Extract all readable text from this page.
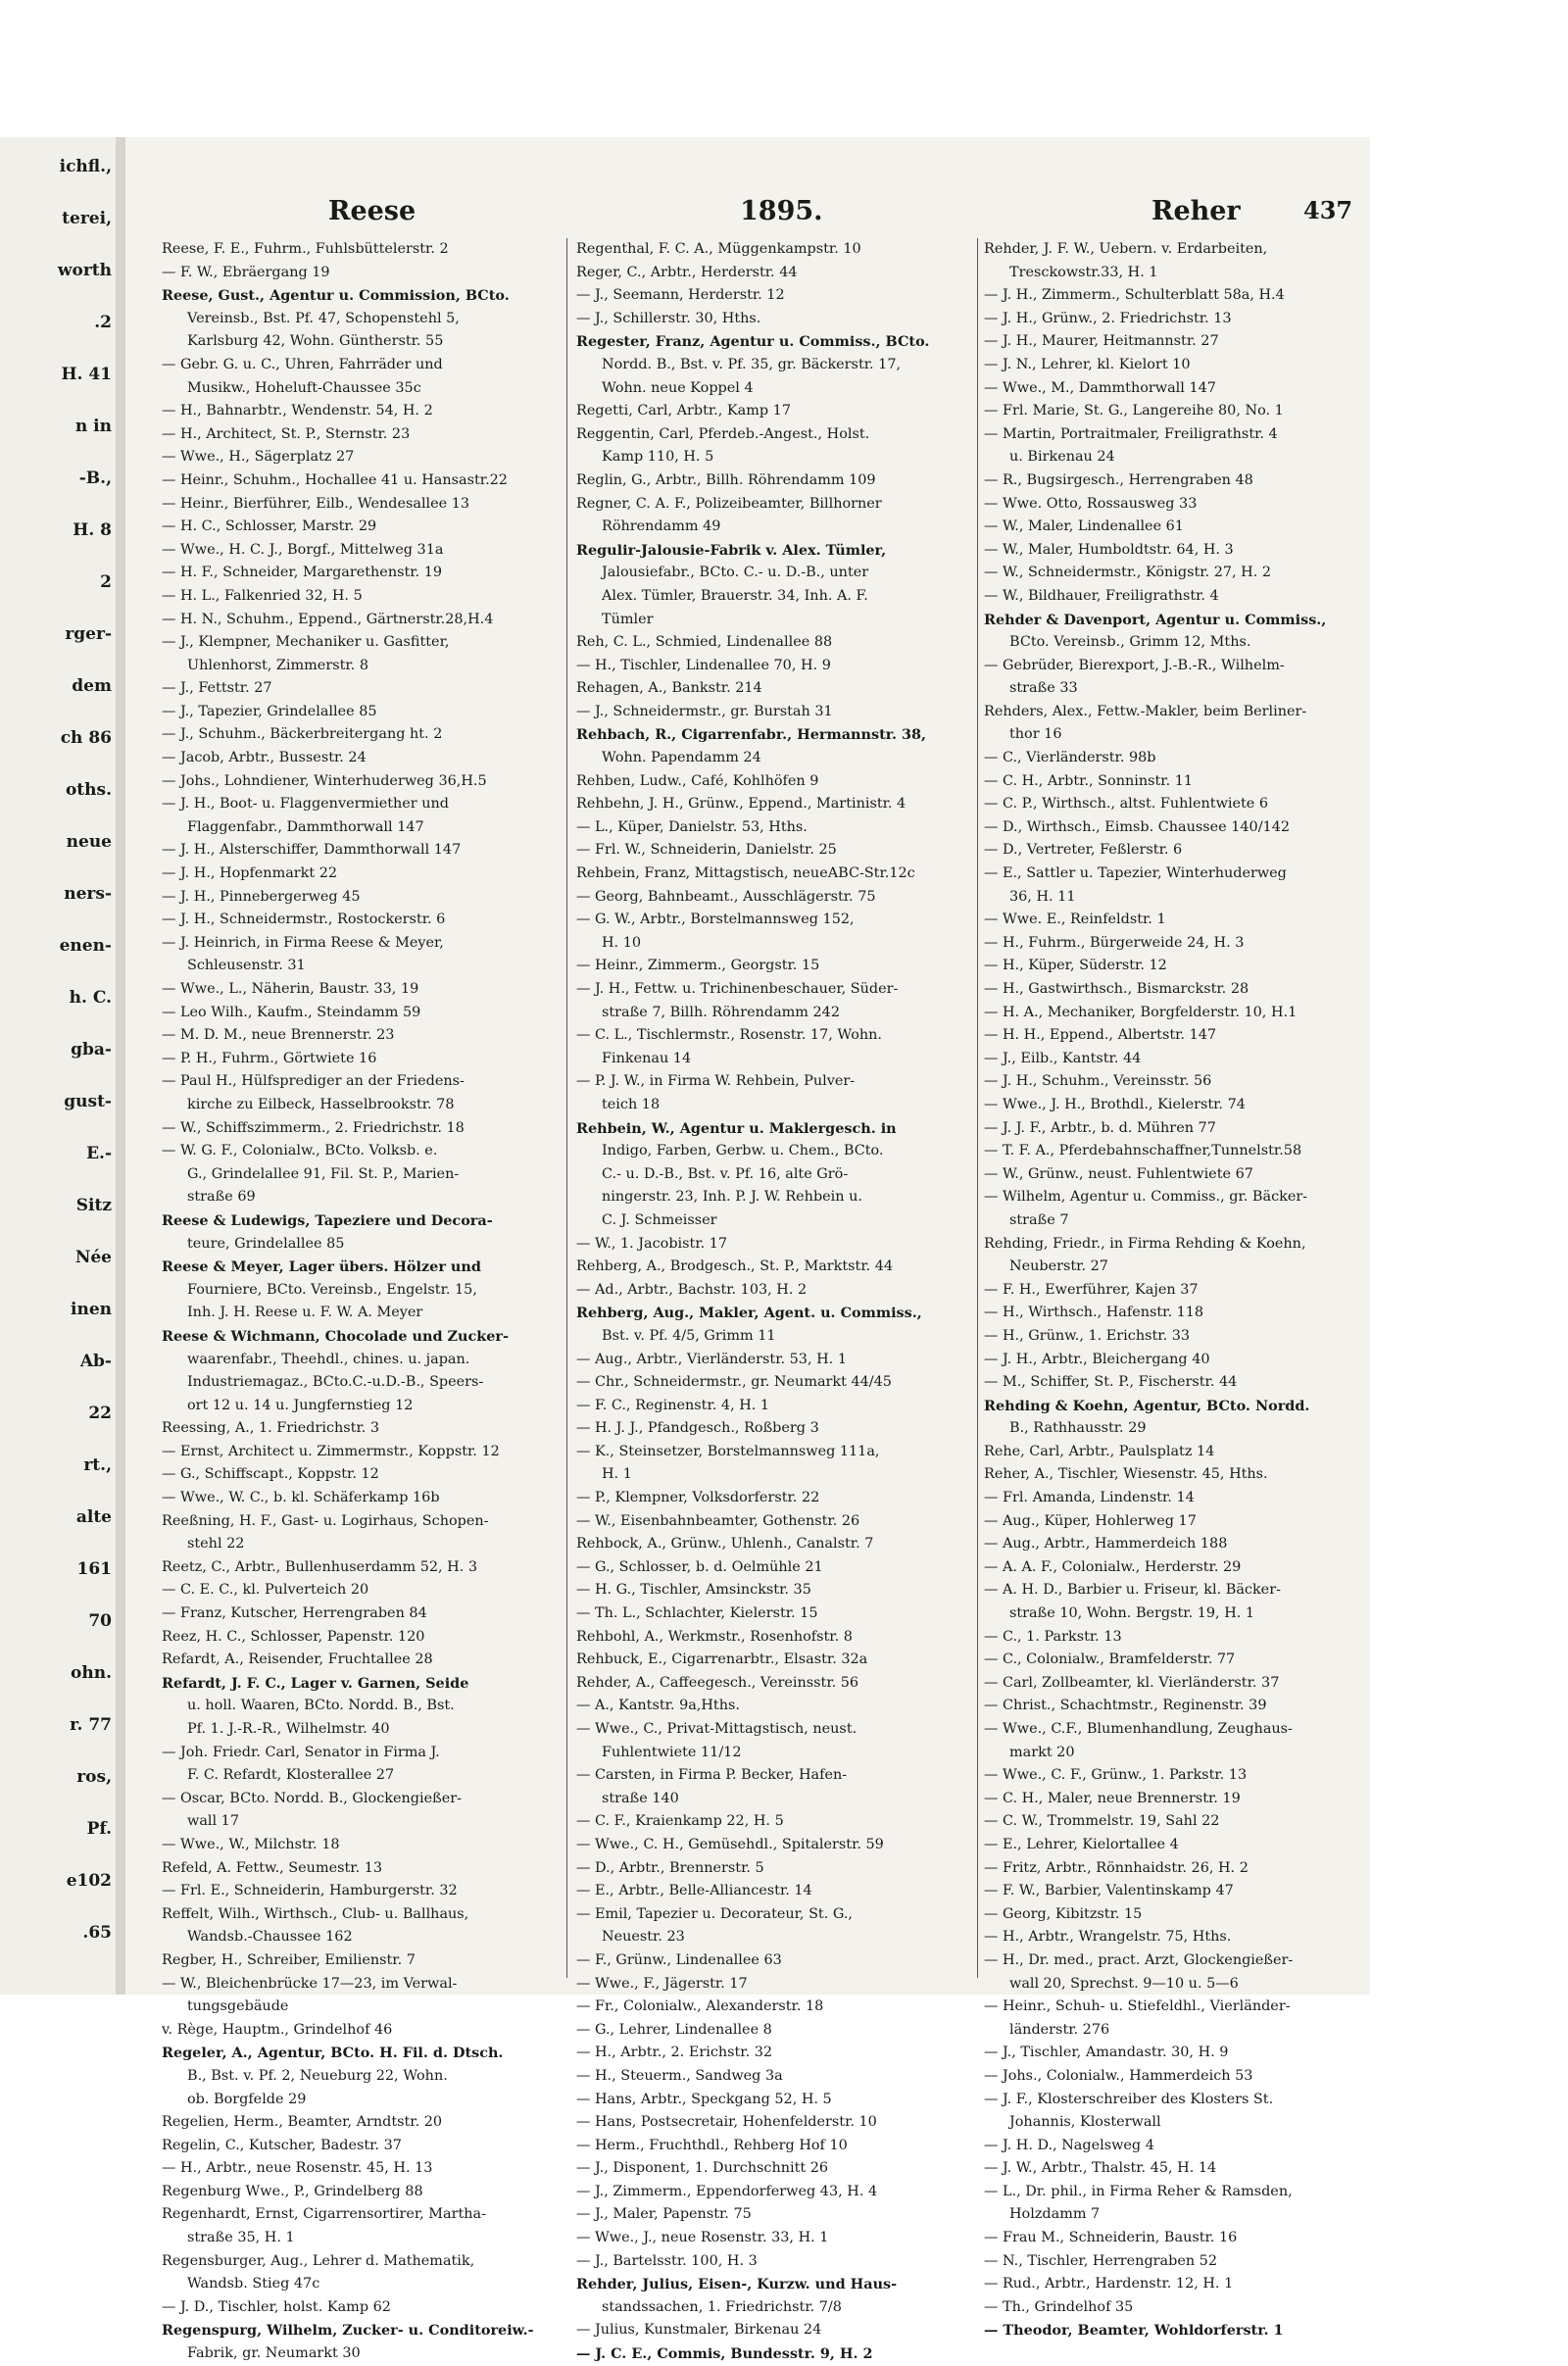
ichfl.,
terei,
worth
.2
H. 41
n in
-B.,
H. 8
2
rger-
dem
ch 86
oths.
neue
ners-
enen-
h. C.
gba-
gust-
E.-
Sitz
Née
inen
Ab-
22
rt.,
alte
161
70
ohn.
r. 77
ros,
Pf.
e102
.65
Reese	1895.	Reher	437
Reese, F. E., Fuhrm., Fuhlsbüttelerstr. 2
— F. W., Ebräergang 19
Reese, Gust., Agentur u. Commission, BCto.
Vereinsb., Bst. Pf. 47, Schopenstehl 5,
Karlsburg 42, Wohn. Güntherstr. 55
— Gebr. G. u. C., Uhren, Fahrräder und
Musikw., Hoheluft-Chaussee 35c
— H., Bahnarbtr., Wendenstr. 54, H. 2
— H., Architect, St. P., Sternstr. 23
— Wwe., H., Sägerplatz 27
— Heinr., Schuhm., Hochallee 41 u. Hansastr.22
— Heinr., Bierführer, Eilb., Wendesallee 13
— H. C., Schlosser, Marstr. 29
— Wwe., H. C. J., Borgf., Mittelweg 31a
— H. F., Schneider, Margarethenstr. 19
— H. L., Falkenried 32, H. 5
— H. N., Schuhm., Eppend., Gärtnerstr.28,H.4
— J., Klempner, Mechaniker u. Gasfitter,
Uhlenhorst, Zimmerstr. 8
— J., Fettstr. 27
— J., Tapezier, Grindelallee 85
— J., Schuhm., Bäckerbreitergang ht. 2
— Jacob, Arbtr., Bussestr. 24
— Johs., Lohndiener, Winterhuderweg 36,H.5
— J. H., Boot- u. Flaggenvermiether und
Flaggenfabr., Dammthorwall 147
— J. H., Alsterschiffer, Dammthorwall 147
— J. H., Hopfenmarkt 22
— J. H., Pinnebergerweg 45
— J. H., Schneidermstr., Rostockerstr. 6
— J. Heinrich, in Firma Reese & Meyer,
Schleusenstr. 31
— Wwe., L., Näherin, Baustr. 33, 19
— Leo Wilh., Kaufm., Steindamm 59
— M. D. M., neue Brennerstr. 23
— P. H., Fuhrm., Görtwiete 16
— Paul H., Hülfsprediger an der Friedens-
kirche zu Eilbeck, Hasselbrookstr. 78
— W., Schiffszimmerm., 2. Friedrichstr. 18
— W. G. F., Colonialw., BCto. Volksb. e.
G., Grindelallee 91, Fil. St. P., Marien-
straße 69
Reese & Ludewigs, Tapeziere und Decora-
teure, Grindelallee 85
Reese & Meyer, Lager übers. Hölzer und
Fourniere, BCto. Vereinsb., Engelstr. 15,
Inh. J. H. Reese u. F. W. A. Meyer
Reese & Wichmann, Chocolade und Zucker-
waarenfabr., Theehdl., chines. u. japan.
Industriemagaz., BCto.C.-u.D.-B., Speers-
ort 12 u. 14 u. Jungfernstieg 12
Reessing, A., 1. Friedrichstr. 3
— Ernst, Architect u. Zimmermstr., Koppstr. 12
— G., Schiffscapt., Koppstr. 12
— Wwe., W. C., b. kl. Schäferkamp 16b
Reeßning, H. F., Gast- u. Logirhaus, Schopen-
stehl 22
Reetz, C., Arbtr., Bullenhuserdamm 52, H. 3
— C. E. C., kl. Pulverteich 20
— Franz, Kutscher, Herrengraben 84
Reez, H. C., Schlosser, Papenstr. 120
Refardt, A., Reisender, Fruchtallee 28
Refardt, J. F. C., Lager v. Garnen, Seide
u. holl. Waaren, BCto. Nordd. B., Bst.
Pf. 1. J.-R.-R., Wilhelmstr. 40
— Joh. Friedr. Carl, Senator in Firma J.
F. C. Refardt, Klosterallee 27
— Oscar, BCto. Nordd. B., Glockengießer-
wall 17
— Wwe., W., Milchstr. 18
Refeld, A. Fettw., Seumestr. 13
— Frl. E., Schneiderin, Hamburgerstr. 32
Reffelt, Wilh., Wirthsch., Club- u. Ballhaus,
Wandsb.-Chaussee 162
Regber, H., Schreiber, Emilienstr. 7
— W., Bleichenbrücke 17—23, im Verwal-
tungsgebäude
v. Rège, Hauptm., Grindelhof 46
Regeler, A., Agentur, BCto. H. Fil. d. Dtsch.
B., Bst. v. Pf. 2, Neueburg 22, Wohn.
ob. Borgfelde 29
Regelien, Herm., Beamter, Arndtstr. 20
Regelin, C., Kutscher, Badestr. 37
— H., Arbtr., neue Rosenstr. 45, H. 13
Regenburg Wwe., P., Grindelberg 88
Regenhardt, Ernst, Cigarrensortirer, Martha-
straße 35, H. 1
Regensburger, Aug., Lehrer d. Mathematik,
Wandsb. Stieg 47c
— J. D., Tischler, holst. Kamp 62
Regenspurg, Wilhelm, Zucker- u. Conditoreiw.-
Fabrik, gr. Neumarkt 30
Regenthal, F. C. A., Müggenkampstr. 10
Reger, C., Arbtr., Herderstr. 44
— J., Seemann, Herderstr. 12
— J., Schillerstr. 30, Hths.
Regester, Franz, Agentur u. Commiss., BCto.
Nordd. B., Bst. v. Pf. 35, gr. Bäckerstr. 17,
Wohn. neue Koppel 4
Regetti, Carl, Arbtr., Kamp 17
Reggentin, Carl, Pferdeb.-Angest., Holst.
Kamp 110, H. 5
Reglin, G., Arbtr., Billh. Röhrendamm 109
Regner, C. A. F., Polizeibeamter, Billhorner
Röhrendamm 49
Regulir-Jalousie-Fabrik v. Alex. Tümler,
Jalousiefabr., BCto. C.- u. D.-B., unter
Alex. Tümler, Brauerstr. 34, Inh. A. F.
Tümler
Reh, C. L., Schmied, Lindenallee 88
— H., Tischler, Lindenallee 70, H. 9
Rehagen, A., Bankstr. 214
— J., Schneidermstr., gr. Burstah 31
Rehbach, R., Cigarrenfabr., Hermannstr. 38,
Wohn. Papendamm 24
Rehben, Ludw., Café, Kohlhöfen 9
Rehbehn, J. H., Grünw., Eppend., Martinistr. 4
— L., Küper, Danielstr. 53, Hths.
— Frl. W., Schneiderin, Danielstr. 25
Rehbein, Franz, Mittagstisch, neueABC-Str.12c
— Georg, Bahnbeamt., Ausschlägerstr. 75
— G. W., Arbtr., Borstelmannsweg 152,
H. 10
— Heinr., Zimmerm., Georgstr. 15
— J. H., Fettw. u. Trichinenbeschauer, Süder-
straße 7, Billh. Röhrendamm 242
— C. L., Tischlermstr., Rosenstr. 17, Wohn.
Finkenau 14
— P. J. W., in Firma W. Rehbein, Pulver-
teich 18
Rehbein, W., Agentur u. Maklergesch. in
Indigo, Farben, Gerbw. u. Chem., BCto.
C.- u. D.-B., Bst. v. Pf. 16, alte Grö-
ningerstr. 23, Inh. P. J. W. Rehbein u.
C. J. Schmeisser
— W., 1. Jacobistr. 17
Rehberg, A., Brodgesch., St. P., Marktstr. 44
— Ad., Arbtr., Bachstr. 103, H. 2
Rehberg, Aug., Makler, Agent. u. Commiss.,
Bst. v. Pf. 4/5, Grimm 11
— Aug., Arbtr., Vierländerstr. 53, H. 1
— Chr., Schneidermstr., gr. Neumarkt 44/45
— F. C., Reginenstr. 4, H. 1
— H. J. J., Pfandgesch., Roßberg 3
— K., Steinsetzer, Borstelmannsweg 111a,
H. 1
— P., Klempner, Volksdorferstr. 22
— W., Eisenbahnbeamter, Gothenstr. 26
Rehbock, A., Grünw., Uhlenh., Canalstr. 7
— G., Schlosser, b. d. Oelmühle 21
— H. G., Tischler, Amsinckstr. 35
— Th. L., Schlachter, Kielerstr. 15
Rehbohl, A., Werkmstr., Rosenhofstr. 8
Rehbuck, E., Cigarrenarbtr., Elsastr. 32a
Rehder, A., Caffeegesch., Vereinsstr. 56
— A., Kantstr. 9a,Hths.
— Wwe., C., Privat-Mittagstisch, neust.
Fuhlentwiete 11/12
— Carsten, in Firma P. Becker, Hafen-
straße 140
— C. F., Kraienkamp 22, H. 5
— Wwe., C. H., Gemüsehdl., Spitalerstr. 59
— D., Arbtr., Brennerstr. 5
— E., Arbtr., Belle-Alliancestr. 14
— Emil, Tapezier u. Decorateur, St. G.,
Neuestr. 23
— F., Grünw., Lindenallee 63
— Wwe., F., Jägerstr. 17
— Fr., Colonialw., Alexanderstr. 18
— G., Lehrer, Lindenallee 8
— H., Arbtr., 2. Erichstr. 32
— H., Steuerm., Sandweg 3a
— Hans, Arbtr., Speckgang 52, H. 5
— Hans, Postsecretair, Hohenfelderstr. 10
— Herm., Fruchthdl., Rehberg Hof 10
— J., Disponent, 1. Durchschnitt 26
— J., Zimmerm., Eppendorferweg 43, H. 4
— J., Maler, Papenstr. 75
— Wwe., J., neue Rosenstr. 33, H. 1
— J., Bartelsstr. 100, H. 3
Rehder, Julius, Eisen-, Kurzw. und Haus-
standssachen, 1. Friedrichstr. 7/8
— Julius, Kunstmaler, Birkenau 24
— J. C. E., Commis, Bundesstr. 9, H. 2
Rehder, J. F. W., Uebern. v. Erdarbeiten,
Tresckowstr.33, H. 1
— J. H., Zimmerm., Schulterblatt 58a, H.4
— J. H., Grünw., 2. Friedrichstr. 13
— J. H., Maurer, Heitmannstr. 27
— J. N., Lehrer, kl. Kielort 10
— Wwe., M., Dammthorwall 147
— Frl. Marie, St. G., Langereihe 80, No. 1
— Martin, Portraitmaler, Freiligrathstr. 4
u. Birkenau 24
— R., Bugsirgesch., Herrengraben 48
— Wwe. Otto, Rossausweg 33
— W., Maler, Lindenallee 61
— W., Maler, Humboldtstr. 64, H. 3
— W., Schneidermstr., Königstr. 27, H. 2
— W., Bildhauer, Freiligrathstr. 4
Rehder & Davenport, Agentur u. Commiss.,
BCto. Vereinsb., Grimm 12, Mths.
— Gebrüder, Bierexport, J.-B.-R., Wilhelm-
straße 33
Rehders, Alex., Fettw.-Makler, beim Berliner-
thor 16
— C., Vierländerstr. 98b
— C. H., Arbtr., Sonninstr. 11
— C. P., Wirthsch., altst. Fuhlentwiete 6
— D., Wirthsch., Eimsb. Chaussee 140/142
— D., Vertreter, Feßlerstr. 6
— E., Sattler u. Tapezier, Winterhuderweg
36, H. 11
— Wwe. E., Reinfeldstr. 1
— H., Fuhrm., Bürgerweide 24, H. 3
— H., Küper, Süderstr. 12
— H., Gastwirthsch., Bismarckstr. 28
— H. A., Mechaniker, Borgfelderstr. 10, H.1
— H. H., Eppend., Albertstr. 147
— J., Eilb., Kantstr. 44
— J. H., Schuhm., Vereinsstr. 56
— Wwe., J. H., Brothdl., Kielerstr. 74
— J. J. F., Arbtr., b. d. Mühren 77
— T. F. A., Pferdebahnschaffner,Tunnelstr.58
— W., Grünw., neust. Fuhlentwiete 67
— Wilhelm, Agentur u. Commiss., gr. Bäcker-
straße 7
Rehding, Friedr., in Firma Rehding & Koehn,
Neuberstr. 27
— F. H., Ewerführer, Kajen 37
— H., Wirthsch., Hafenstr. 118
— H., Grünw., 1. Erichstr. 33
— J. H., Arbtr., Bleichergang 40
— M., Schiffer, St. P., Fischerstr. 44
Rehding & Koehn, Agentur, BCto. Nordd.
B., Rathhausstr. 29
Rehe, Carl, Arbtr., Paulsplatz 14
Reher, A., Tischler, Wiesenstr. 45, Hths.
— Frl. Amanda, Lindenstr. 14
— Aug., Küper, Hohlerweg 17
— Aug., Arbtr., Hammerdeich 188
— A. A. F., Colonialw., Herderstr. 29
— A. H. D., Barbier u. Friseur, kl. Bäcker-
straße 10, Wohn. Bergstr. 19, H. 1
— C., 1. Parkstr. 13
— C., Colonialw., Bramfelderstr. 77
— Carl, Zollbeamter, kl. Vierländerstr. 37
— Christ., Schachtmstr., Reginenstr. 39
— Wwe., C.F., Blumenhandlung, Zeughaus-
markt 20
— Wwe., C. F., Grünw., 1. Parkstr. 13
— C. H., Maler, neue Brennerstr. 19
— C. W., Trommelstr. 19, Sahl 22
— E., Lehrer, Kielortallee 4
— Fritz, Arbtr., Rönnhaidstr. 26, H. 2
— F. W., Barbier, Valentinskamp 47
— Georg, Kibitzstr. 15
— H., Arbtr., Wrangelstr. 75, Hths.
— H., Dr. med., pract. Arzt, Glockengießer-
wall 20, Sprechst. 9—10 u. 5—6
— Heinr., Schuh- u. Stiefeldhl., Vierländer-
länderstr. 276
— J., Tischler, Amandastr. 30, H. 9
— Johs., Colonialw., Hammerdeich 53
— J. F., Klosterschreiber des Klosters St.
Johannis, Klosterwall
— J. H. D., Nagelsweg 4
— J. W., Arbtr., Thalstr. 45, H. 14
— L., Dr. phil., in Firma Reher & Ramsden,
Holzdamm 7
— Frau M., Schneiderin, Baustr. 16
— N., Tischler, Herrengraben 52
— Rud., Arbtr., Hardenstr. 12, H. 1
— Th., Grindelhof 35
— Theodor, Beamter, Wohldorferstr. 1
